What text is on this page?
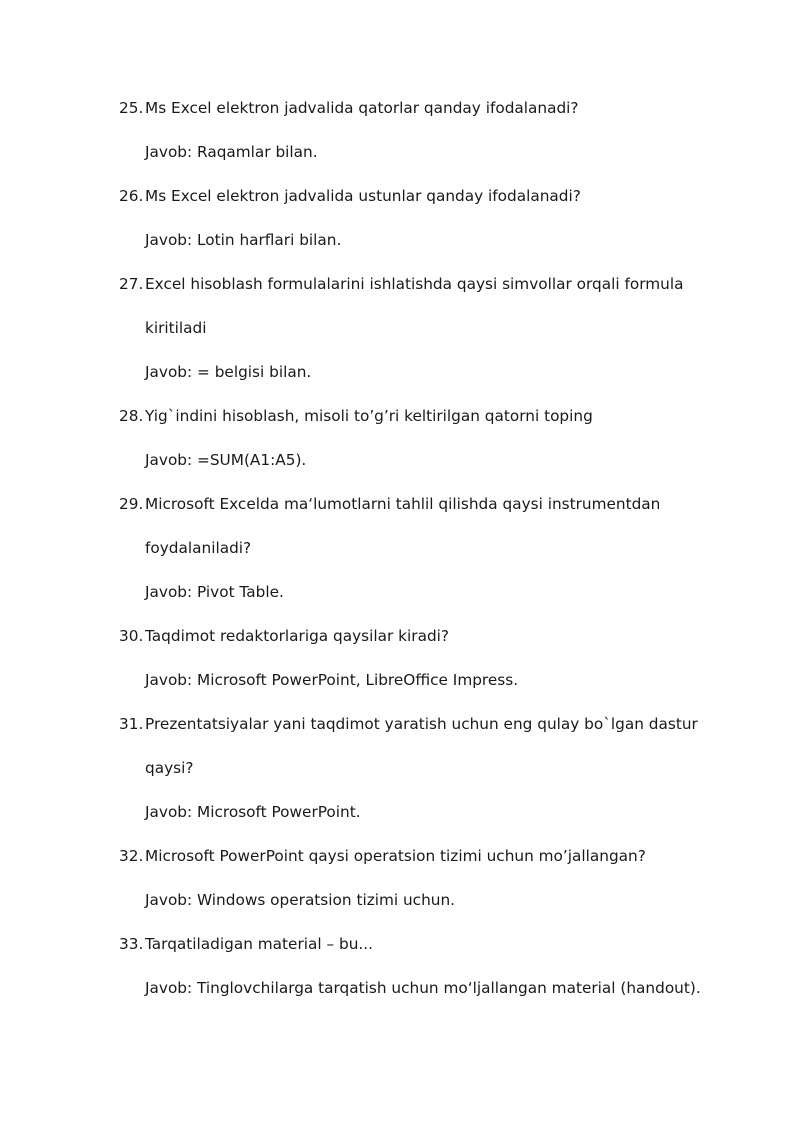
25. Ms Excel elektron jadvalida qatorlar qanday ifodalanadi?
Javob: Raqamlar bilan.
26. Ms Excel elektron jadvalida ustunlar qanday ifodalanadi?
Javob: Lotin harflari bilan.
27. Excel hisoblash formulalarini ishlatishda qaysi simvollar orqali formula
kiritiladi
Javob: = belgisi bilan.
28. Yig`indini hisoblash, misoli to’g’ri keltirilgan qatorni toping
Javob: =SUM(A1:A5).
29. Microsoft Excelda ma‘lumotlarni tahlil qilishda qaysi instrumentdan
foydalaniladi?
Javob: Pivot Table.
30. Taqdimot redaktorlariga qaysilar kiradi?
Javob: Microsoft PowerPoint, LibreOffice Impress.
31. Prezentatsiyalar yani taqdimot yaratish uchun eng qulay bo`lgan dastur
qaysi?
Javob: Microsoft PowerPoint.
32. Microsoft PowerPoint qaysi operatsion tizimi uchun mo’jallangan?
Javob: Windows operatsion tizimi uchun.
33. Tarqatiladigan material – bu...
Javob: Tinglovchilarga tarqatish uchun mo‘ljallangan material (handout).
